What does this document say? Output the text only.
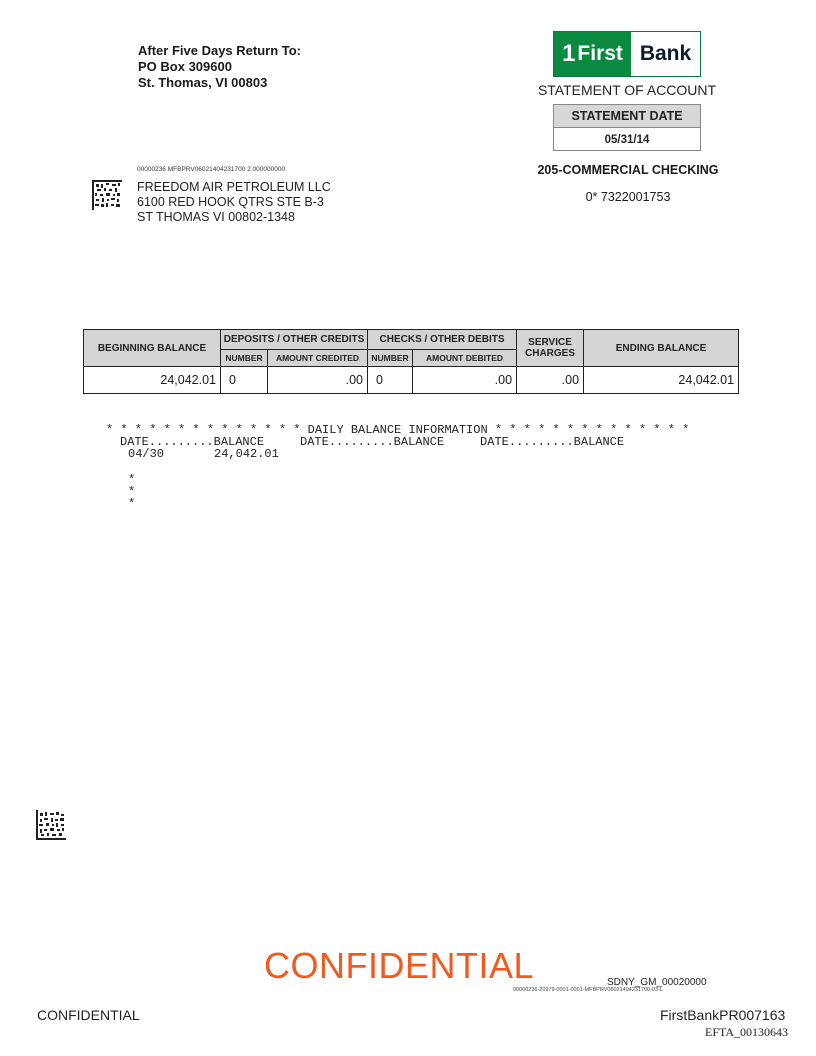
After Five Days Return To:
PO Box 309600
St. Thomas, VI 00803
1 First Bank
STATEMENT OF ACCOUNT
STATEMENT DATE
05/31/14
205-COMMERCIAL CHECKING
0* 7322001753
00000236 MFBPRV06021404231700 2 000000000
FREEDOM AIR PETROLEUM LLC
6100 RED HOOK QTRS STE B-3
ST THOMAS VI 00802-1348
BEGINNING BALANCE	DEPOSITS / OTHER CREDITS		CHECKS / OTHER DEBITS		SERVICE
CHARGES	ENDING BALANCE
	NUMBER	AMOUNT CREDITED	NUMBER	AMOUNT DEBITED		
24,042.01	0	.00	0	.00	.00	24,042.01
* * * * * * * * * * * * * * DAILY BALANCE INFORMATION * * * * * * * * * * * * * *
DATE.........BALANCE     DATE.........BALANCE     DATE.........BALANCE
04/30	24,042.01
*
*
*
CONFIDENTIAL	SDNY_GM_00020000
00000236-20979-0001-0001-MFBPRV06021404231700-03-L
CONFIDENTIAL	FirstBankPR007163
EFTA_00130643
